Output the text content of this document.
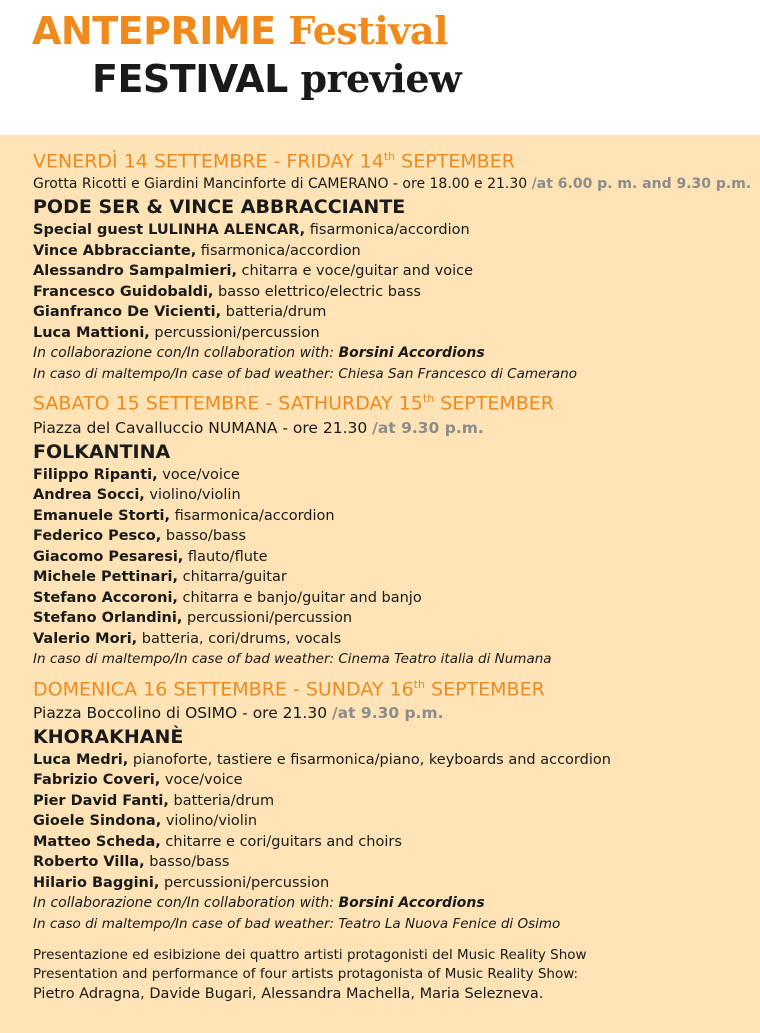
ANTEPRIME Festival
FESTIVAL preview
VENERDÌ 14 SETTEMBRE - FRIDAY 14th SEPTEMBER
Grotta Ricotti e Giardini Mancinforte di CAMERANO - ore 18.00 e 21.30 /at 6.00 p. m. and 9.30 p.m.
PODE SER & VINCE ABBRACCIANTE
Special guest LULINHA ALENCAR, fisarmonica/accordion
Vince Abbracciante, fisarmonica/accordion
Alessandro Sampalmieri, chitarra e voce/guitar and voice
Francesco Guidobaldi, basso elettrico/electric bass
Gianfranco De Vicienti, batteria/drum
Luca Mattioni, percussioni/percussion
In collaborazione con/In collaboration with: Borsini Accordions
In caso di maltempo/In case of bad weather: Chiesa San Francesco di Camerano
SABATO 15 SETTEMBRE - SATHURDAY 15th SEPTEMBER
Piazza del Cavalluccio NUMANA - ore 21.30 /at 9.30 p.m.
FOLKANTINA
Filippo Ripanti, voce/voice
Andrea Socci, violino/violin
Emanuele Storti, fisarmonica/accordion
Federico Pesco, basso/bass
Giacomo Pesaresi, flauto/flute
Michele Pettinari, chitarra/guitar
Stefano Accoroni, chitarra e banjo/guitar and banjo
Stefano Orlandini, percussioni/percussion
Valerio Mori, batteria, cori/drums, vocals
In caso di maltempo/In case of bad weather: Cinema Teatro italia di Numana
DOMENICA 16 SETTEMBRE - SUNDAY 16th SEPTEMBER
Piazza Boccolino di OSIMO - ore 21.30 /at 9.30 p.m.
KHORAKHANÈ
Luca Medri, pianoforte, tastiere e fisarmonica/piano, keyboards and accordion
Fabrizio Coveri, voce/voice
Pier David Fanti, batteria/drum
Gioele Sindona, violino/violin
Matteo Scheda, chitarre e cori/guitars and choirs
Roberto Villa, basso/bass
Hilario Baggini, percussioni/percussion
In collaborazione con/In collaboration with: Borsini Accordions
In caso di maltempo/In case of bad weather: Teatro La Nuova Fenice di Osimo
Presentazione ed esibizione dei quattro artisti protagonisti del Music Reality Show
Presentation and performance of four artists protagonista of Music Reality Show:
Pietro Adragna, Davide Bugari, Alessandra Machella, Maria Selezneva.
